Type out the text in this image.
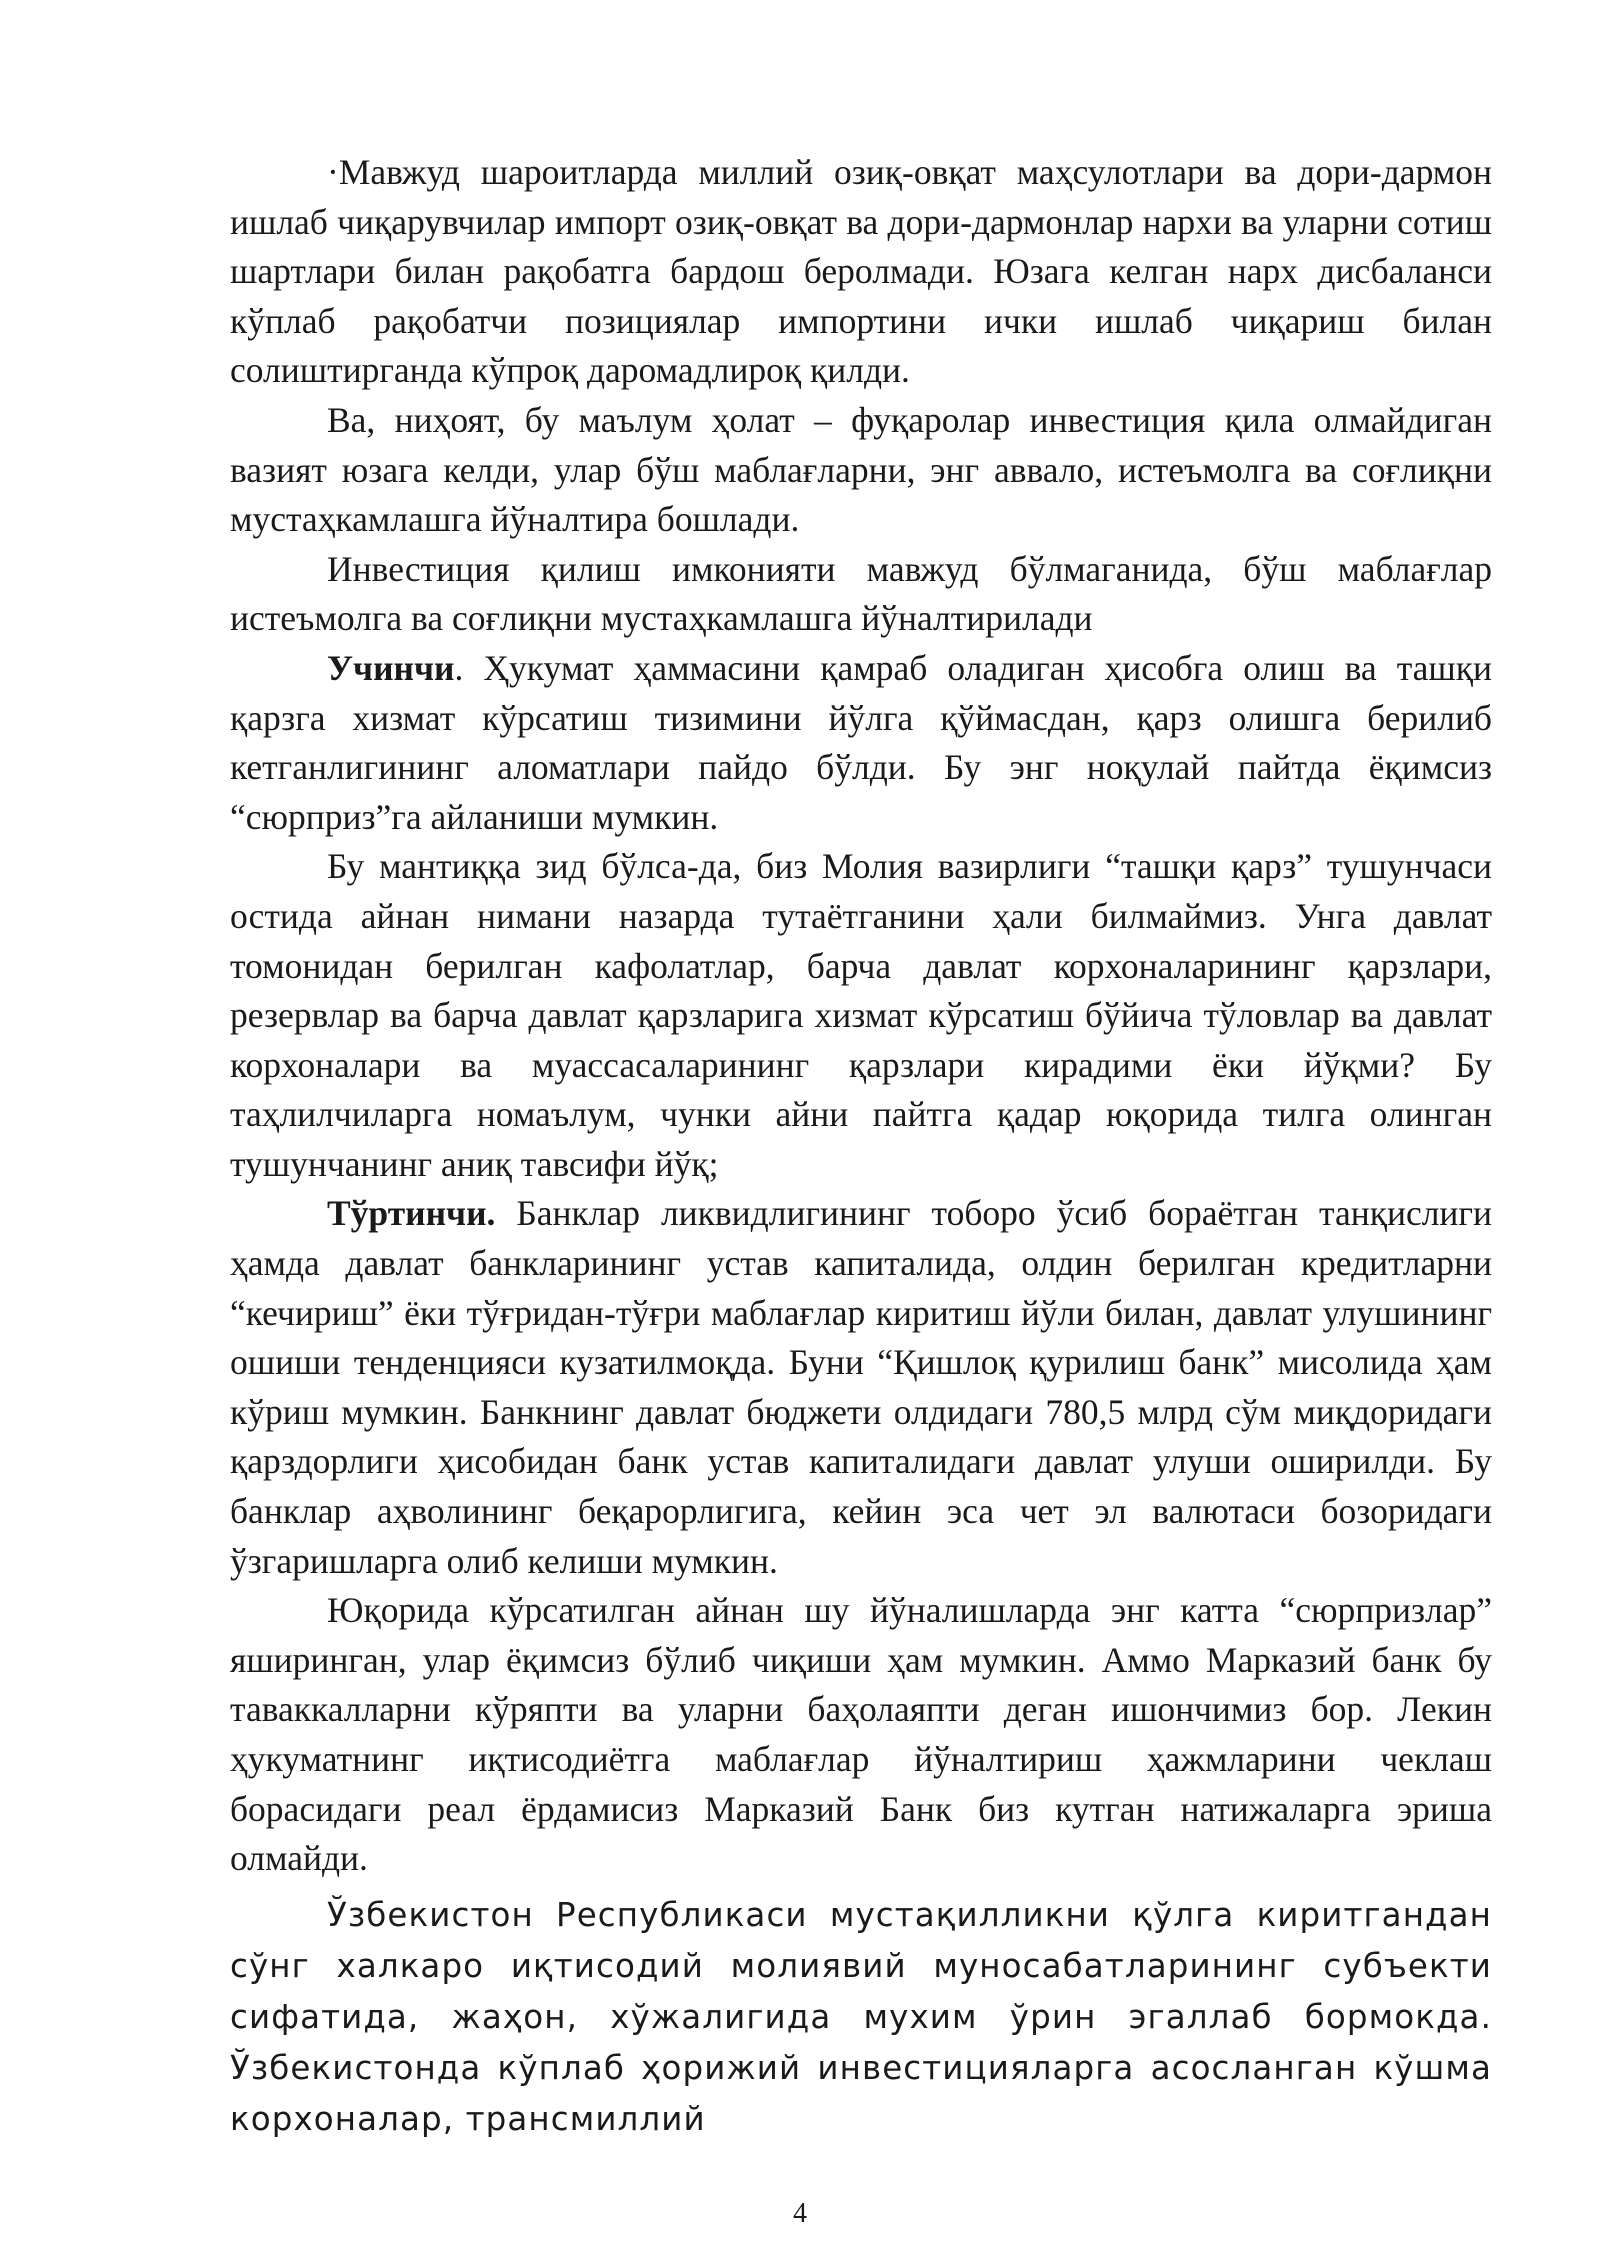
·Мавжуд шароитларда миллий озиқ-овқат маҳсулотлари ва дори-дармон ишлаб чиқарувчилар импорт озиқ-овқат ва дори-дармонлар нархи ва уларни сотиш шартлари билан рақобатга бардош беролмади. Юзага келган нарх дисбаланси кўплаб рақобатчи позициялар импортини ички ишлаб чиқариш билан солиштирганда кўпроқ даромадлироқ қилди.

Ва, ниҳоят, бу маълум ҳолат – фуқаролар инвестиция қила олмайдиган вазият юзага келди, улар бўш маблағларни, энг аввало, истеъмолга ва соғлиқни мустаҳкамлашга йўналтира бошлади.

Инвестиция қилиш имконияти мавжуд бўлмаганида, бўш маблағлар истеъмолга ва соғлиқни мустаҳкамлашга йўналтирилади

Учинчи. Ҳукумат ҳаммасини қамраб оладиган ҳисобга олиш ва ташқи қарзга хизмат кўрсатиш тизимини йўлга қўймасдан, қарз олишга берилиб кетганлигининг аломатлари пайдо бўлди. Бу энг ноқулай пайтда ёқимсиз “сюрприз”га айланиши мумкин.

Бу мантиққа зид бўлса-да, биз Молия вазирлиги “ташқи қарз” тушунчаси остида айнан нимани назарда тутаётганини ҳали билмаймиз. Унга давлат томонидан берилган кафолатлар, барча давлат корхоналарининг қарзлари, резервлар ва барча давлат қарзларига хизмат кўрсатиш бўйича тўловлар ва давлат корхоналари ва муассасаларининг қарзлари кирадими ёки йўқми? Бу таҳлилчиларга номаълум, чунки айни пайтга қадар юқорида тилга олинган тушунчанинг аниқ тавсифи йўқ;

Тўртинчи. Банклар ликвидлигининг тоборо ўсиб бораётган танқислиги ҳамда давлат банкларининг устав капиталида, олдин берилган кредитларни “кечириш” ёки тўғридан-тўғри маблағлар киритиш йўли билан, давлат улушининг ошиши тенденцияси кузатилмоқда. Буни “Қишлоқ қурилиш банк” мисолида ҳам кўриш мумкин. Банкнинг давлат бюджети олдидаги 780,5 млрд сўм миқдоридаги қарздорлиги ҳисобидан банк устав капиталидаги давлат улуши оширилди. Бу банклар аҳволининг беқарорлигига, кейин эса чет эл валютаси бозоридаги ўзгаришларга олиб келиши мумкин.

Юқорида кўрсатилган айнан шу йўналишларда энг катта “сюрпризлар” яширинган, улар ёқимсиз бўлиб чиқиши ҳам мумкин. Аммо Марказий банк бу таваккалларни кўряпти ва уларни баҳолаяпти деган ишончимиз бор. Лекин ҳукуматнинг иқтисодиётга маблағлар йўналтириш ҳажмларини чеклаш борасидаги реал ёрдамисиз Марказий Банк биз кутган натижаларга эриша олмайди.

Ўзбекистон Республикаси мустақилликни қўлга киритгандан сўнг халкаро иқтисодий молиявий муносабатларининг субъекти сифатида, жаҳон, хўжалигида мухим ўрин эгаллаб бормокда. Ўзбекистонда кўплаб ҳорижий инвестицияларга асосланган кўшма корхоналар, трансмиллий

4
